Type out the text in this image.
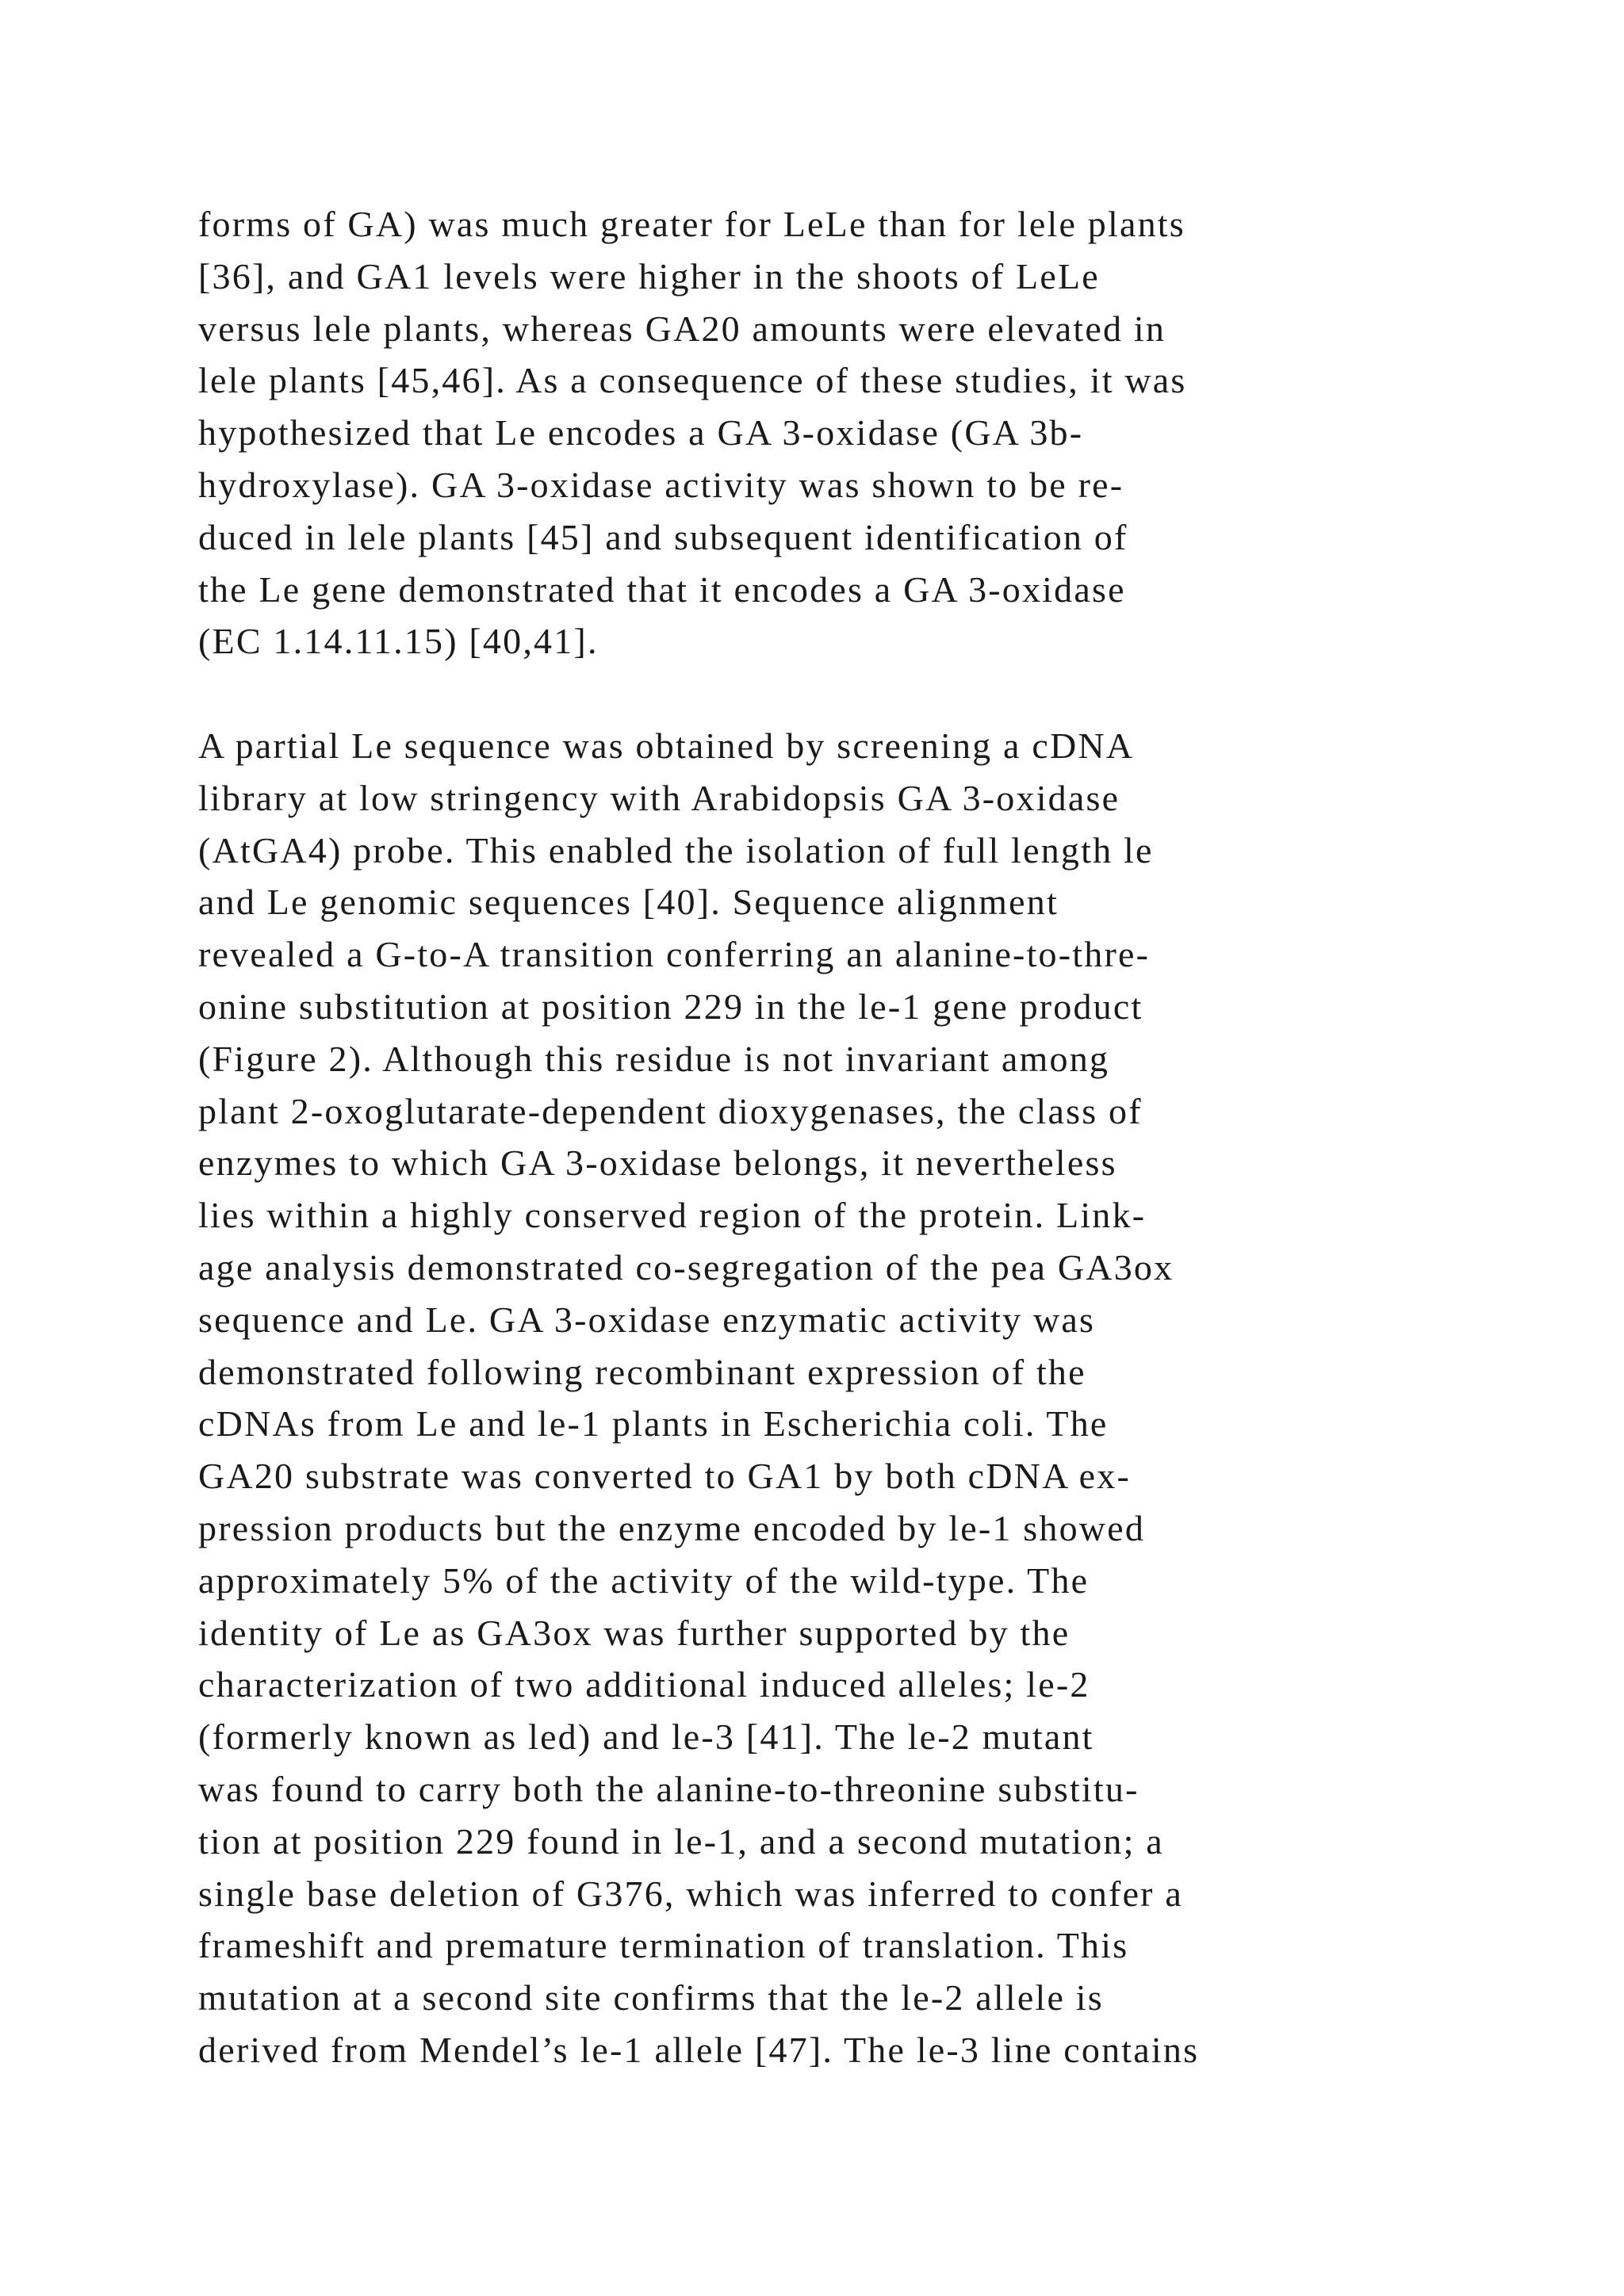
forms of GA) was much greater for LeLe than for lele plants
[36], and GA1 levels were higher in the shoots of LeLe
versus lele plants, whereas GA20 amounts were elevated in
lele plants [45,46]. As a consequence of these studies, it was
hypothesized that Le encodes a GA 3-oxidase (GA 3b-
hydroxylase). GA 3-oxidase activity was shown to be re-
duced in lele plants [45] and subsequent identification of
the Le gene demonstrated that it encodes a GA 3-oxidase
(EC 1.14.11.15) [40,41].
A partial Le sequence was obtained by screening a cDNA
library at low stringency with Arabidopsis GA 3-oxidase
(AtGA4) probe. This enabled the isolation of full length le
and Le genomic sequences [40]. Sequence alignment
revealed a G-to-A transition conferring an alanine-to-thre-
onine substitution at position 229 in the le-1 gene product
(Figure 2). Although this residue is not invariant among
plant 2-oxoglutarate-dependent dioxygenases, the class of
enzymes to which GA 3-oxidase belongs, it nevertheless
lies within a highly conserved region of the protein. Link-
age analysis demonstrated co-segregation of the pea GA3ox
sequence and Le. GA 3-oxidase enzymatic activity was
demonstrated following recombinant expression of the
cDNAs from Le and le-1 plants in Escherichia coli. The
GA20 substrate was converted to GA1 by both cDNA ex-
pression products but the enzyme encoded by le-1 showed
approximately 5% of the activity of the wild-type. The
identity of Le as GA3ox was further supported by the
characterization of two additional induced alleles; le-2
(formerly known as led) and le-3 [41]. The le-2 mutant
was found to carry both the alanine-to-threonine substitu-
tion at position 229 found in le-1, and a second mutation; a
single base deletion of G376, which was inferred to confer a
frameshift and premature termination of translation. This
mutation at a second site confirms that the le-2 allele is
derived from Mendel’s le-1 allele [47]. The le-3 line contains
